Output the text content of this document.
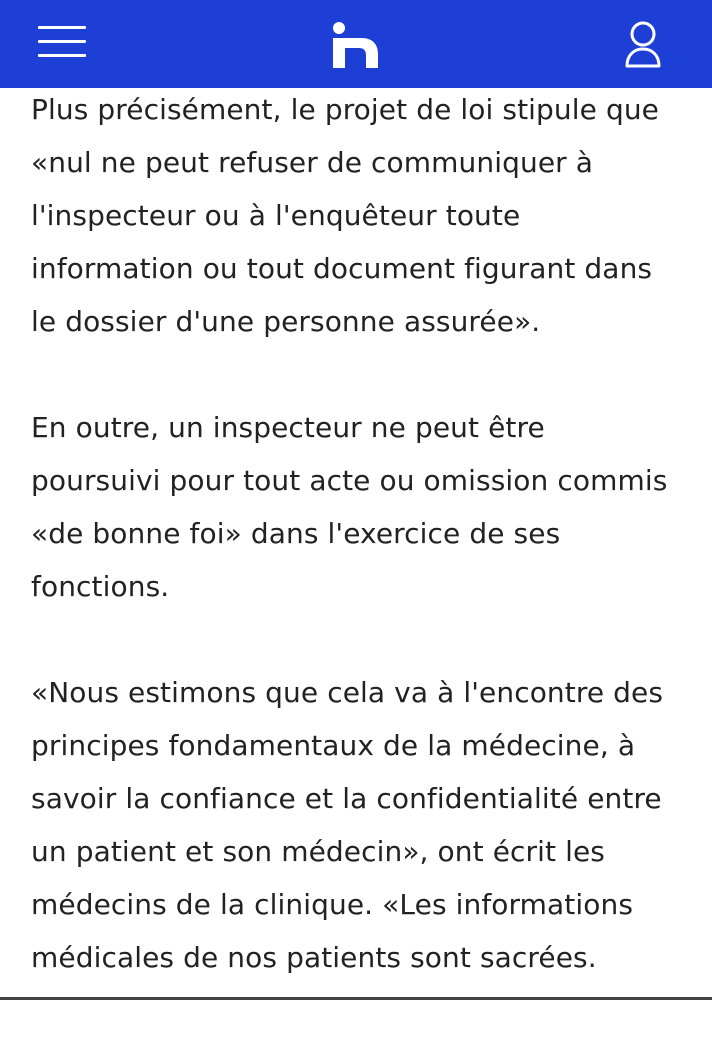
Plus précisément, le projet de loi stipule que
«nul ne peut refuser de communiquer à
l'inspecteur ou à l'enquêteur toute
information ou tout document figurant dans
le dossier d'une personne assurée».

En outre, un inspecteur ne peut être
poursuivi pour tout acte ou omission commis
«de bonne foi» dans l'exercice de ses
fonctions.

«Nous estimons que cela va à l'encontre des
principes fondamentaux de la médecine, à
savoir la confiance et la confidentialité entre
un patient et son médecin», ont écrit les
médecins de la clinique. «Les informations
médicales de nos patients sont sacrées.
